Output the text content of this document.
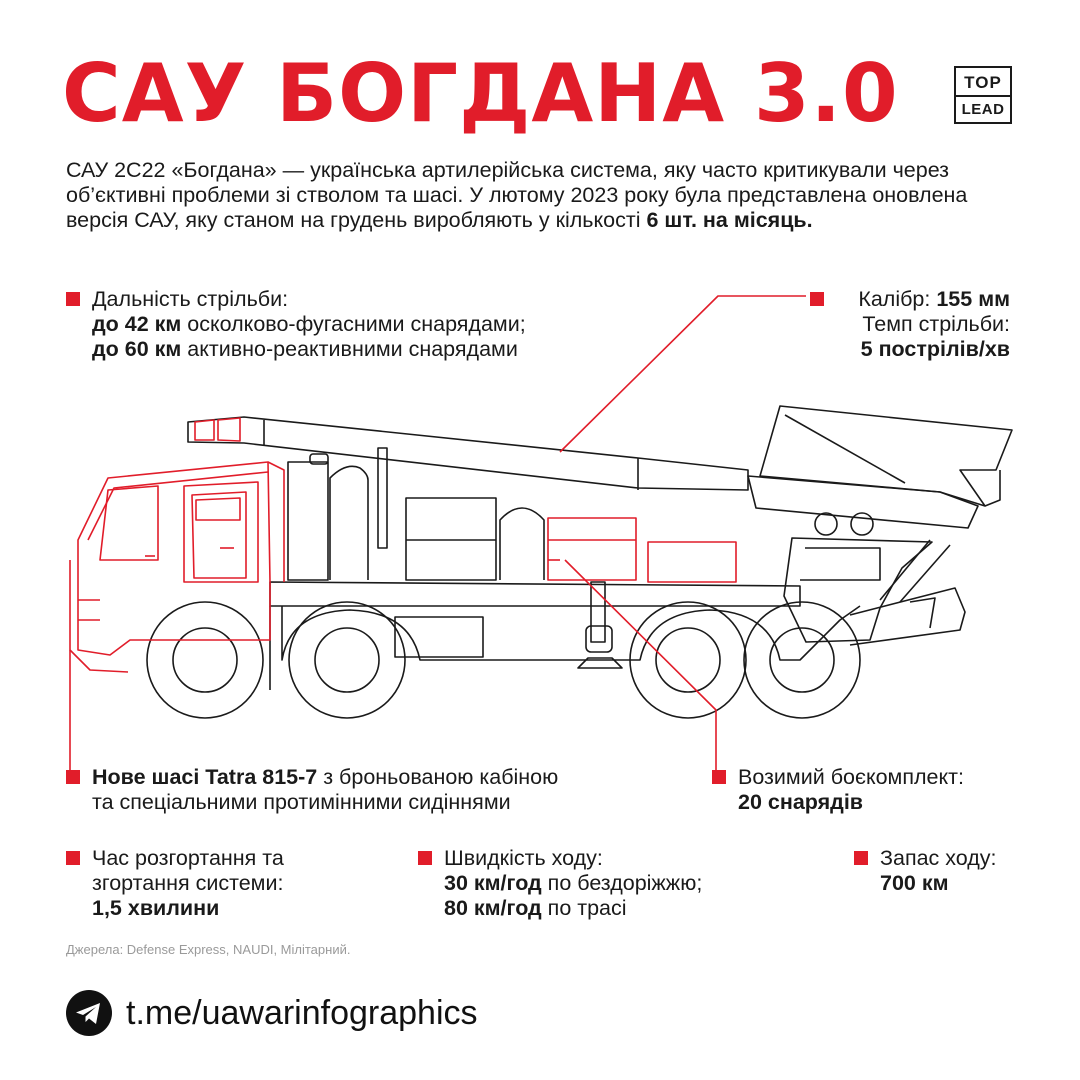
САУ БОГДАНА 3.0	TOP
LEAD

САУ 2С22 «Богдана» — українська артилерійська система, яку часто критикували через об’єктивні проблеми зі стволом та шасі. У лютому 2023 року була представлена оновлена версія САУ, яку станом на грудень виробляють у кількості 6 шт. на місяць.

Дальність стрільби:

до 42 км осколково-фугасними снарядами;

до 60 км активно-реактивними снарядами

Калібр: 155 мм

Темп стрільби:

5 пострілів/хв

Нове шасі Tatra 815-7 з броньованою кабіною

та спеціальними протимінними сидіннями

Возимий боєкомплект:

20 снарядів

Час розгортання та

згортання системи:

1,5 хвилини

Швидкість ходу:

30 км/год по бездоріжжю;

80 км/год по трасі

Запас ходу:

700 км

Джерела: Defense Express, NAUDI, Мілітарний.

t.me/uawarinfographics
